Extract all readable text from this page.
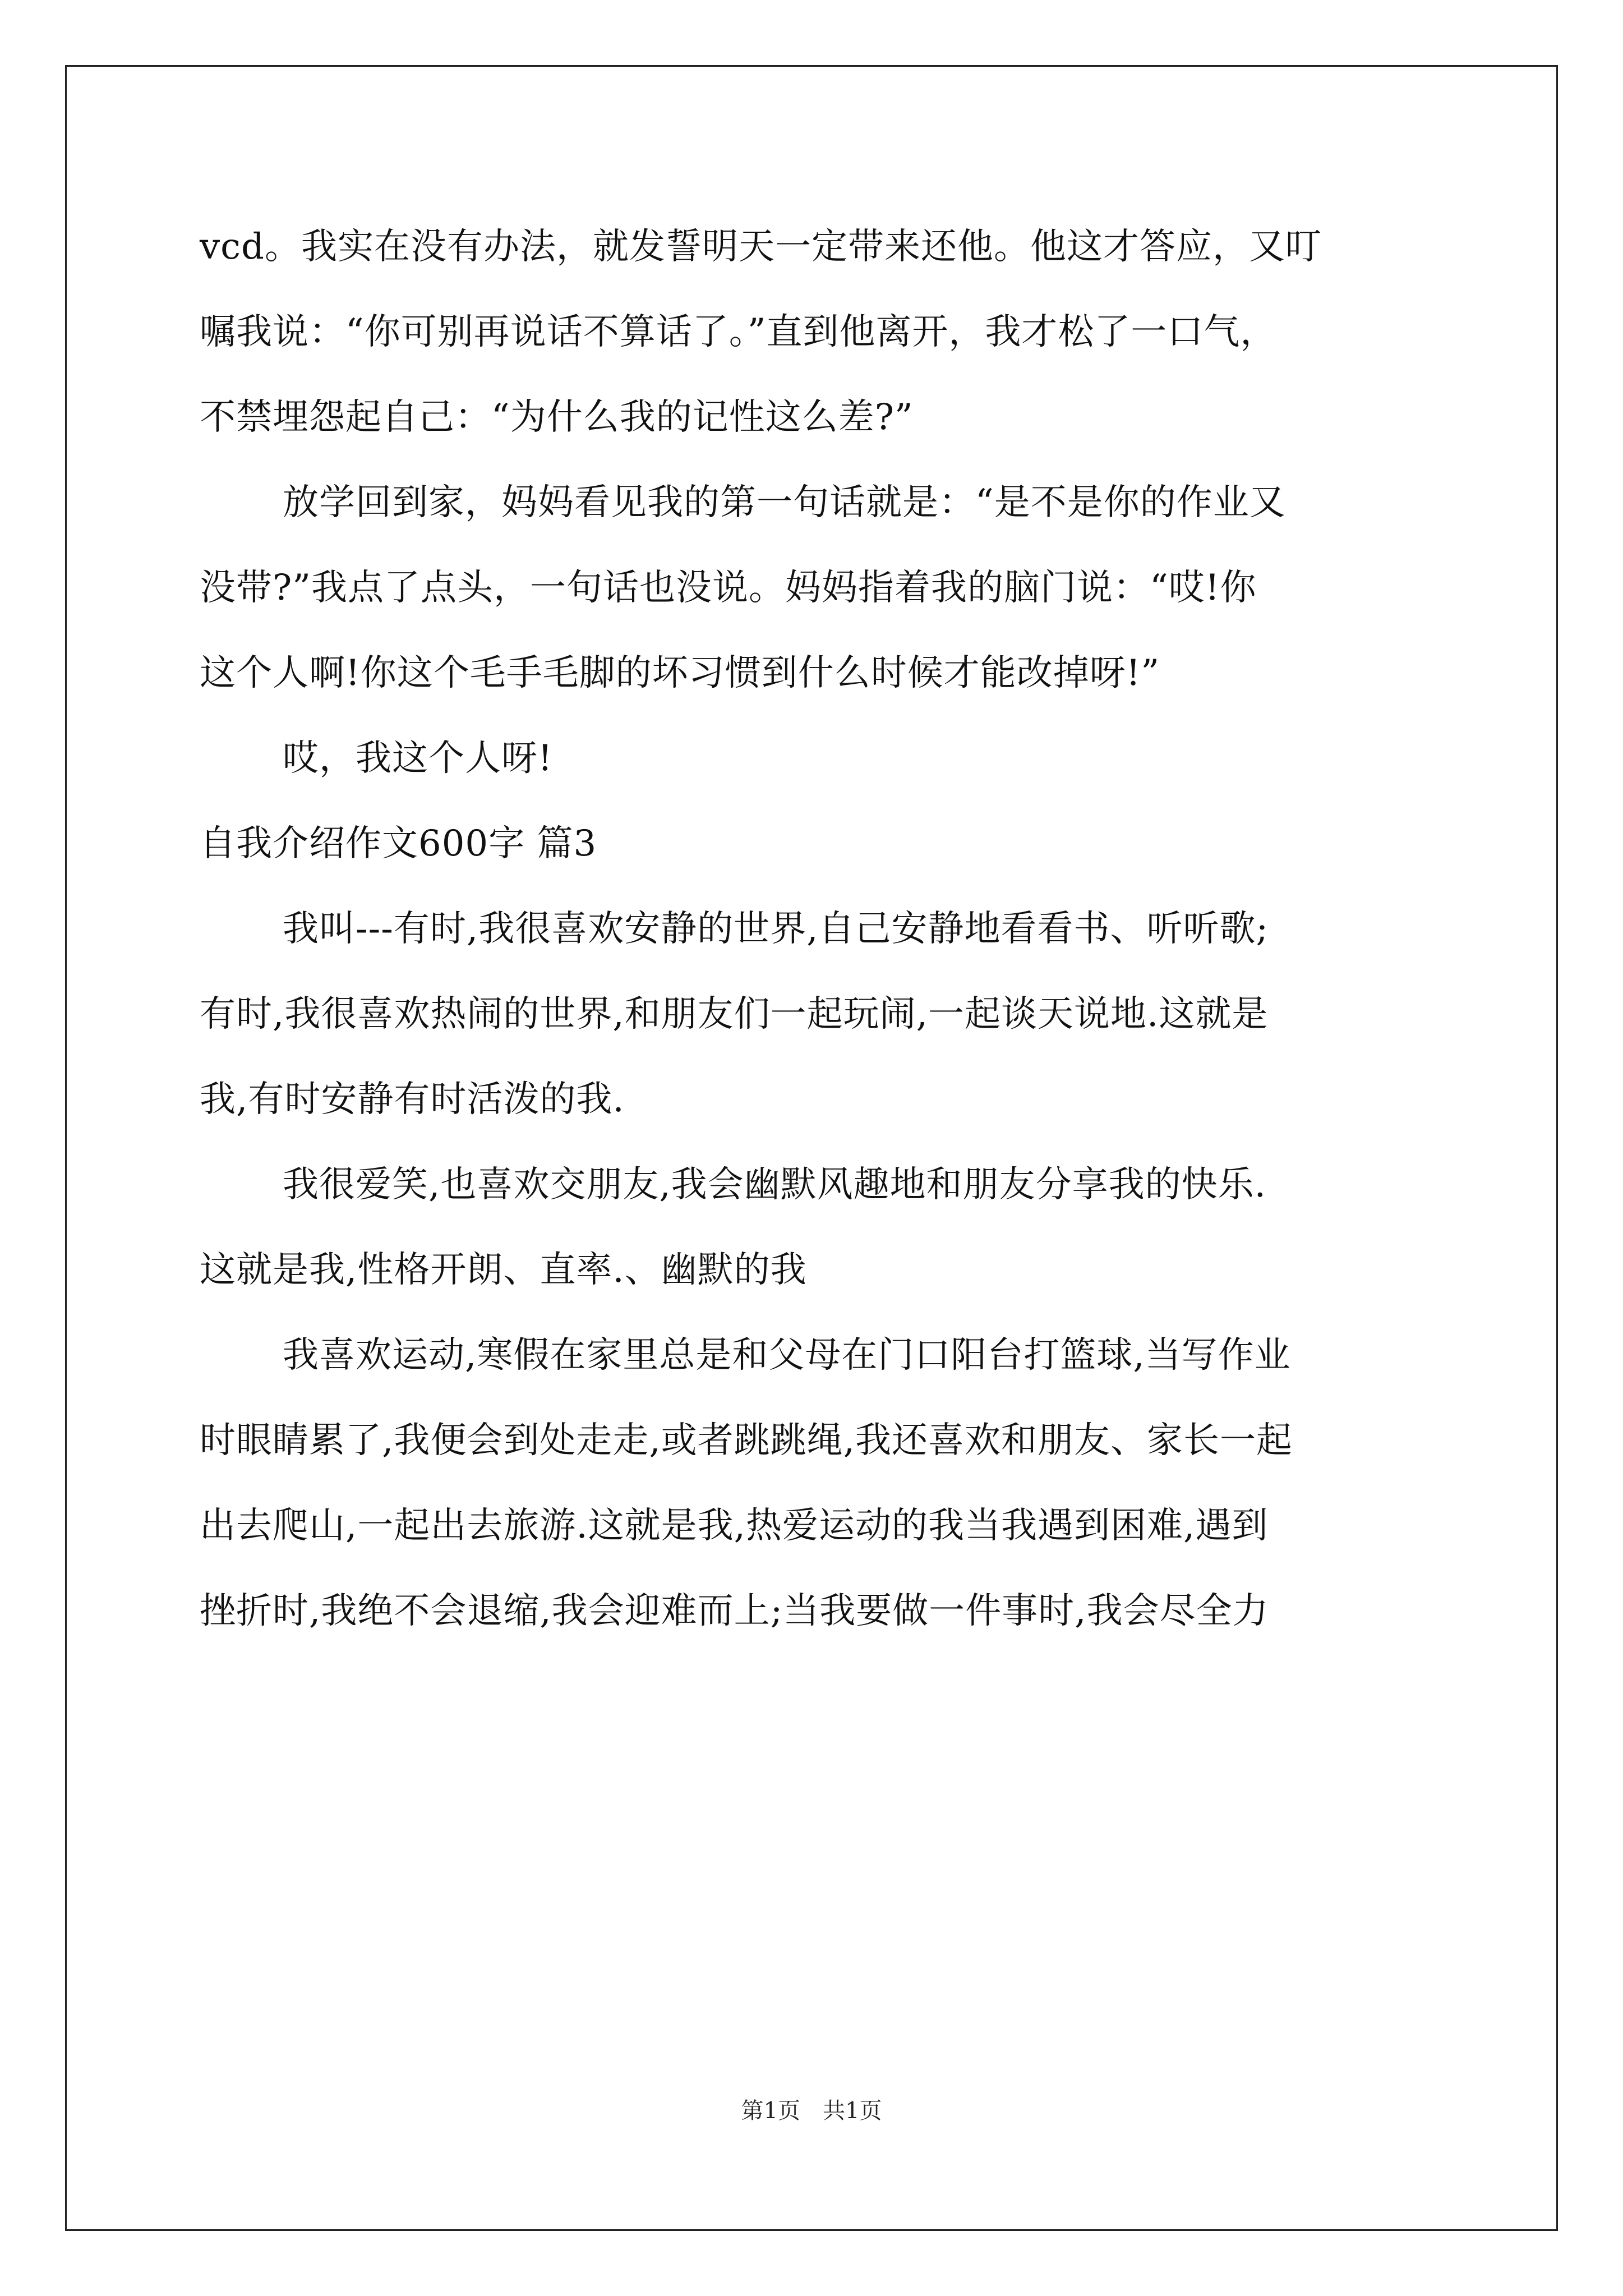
vcd。我实在没有办法，就发誓明天一定带来还他。他这才答应，又叮
嘱我说：“你可别再说话不算话了。”直到他离开，我才松了一口气，
不禁埋怨起自己：“为什么我的记性这么差?”
放学回到家，妈妈看见我的第一句话就是：“是不是你的作业又
没带?”我点了点头，一句话也没说。妈妈指着我的脑门说：“哎!你
这个人啊!你这个毛手毛脚的坏习惯到什么时候才能改掉呀!”
哎，我这个人呀!
自我介绍作文600字 篇3
我叫---有时,我很喜欢安静的世界,自己安静地看看书、听听歌;
有时,我很喜欢热闹的世界,和朋友们一起玩闹,一起谈天说地.这就是
我,有时安静有时活泼的我.
我很爱笑,也喜欢交朋友,我会幽默风趣地和朋友分享我的快乐.
这就是我,性格开朗、直率.、幽默的我
我喜欢运动,寒假在家里总是和父母在门口阳台打篮球,当写作业
时眼睛累了,我便会到处走走,或者跳跳绳,我还喜欢和朋友、家长一起
出去爬山,一起出去旅游.这就是我,热爱运动的我当我遇到困难,遇到
挫折时,我绝不会退缩,我会迎难而上;当我要做一件事时,我会尽全力
第1页　共1页
